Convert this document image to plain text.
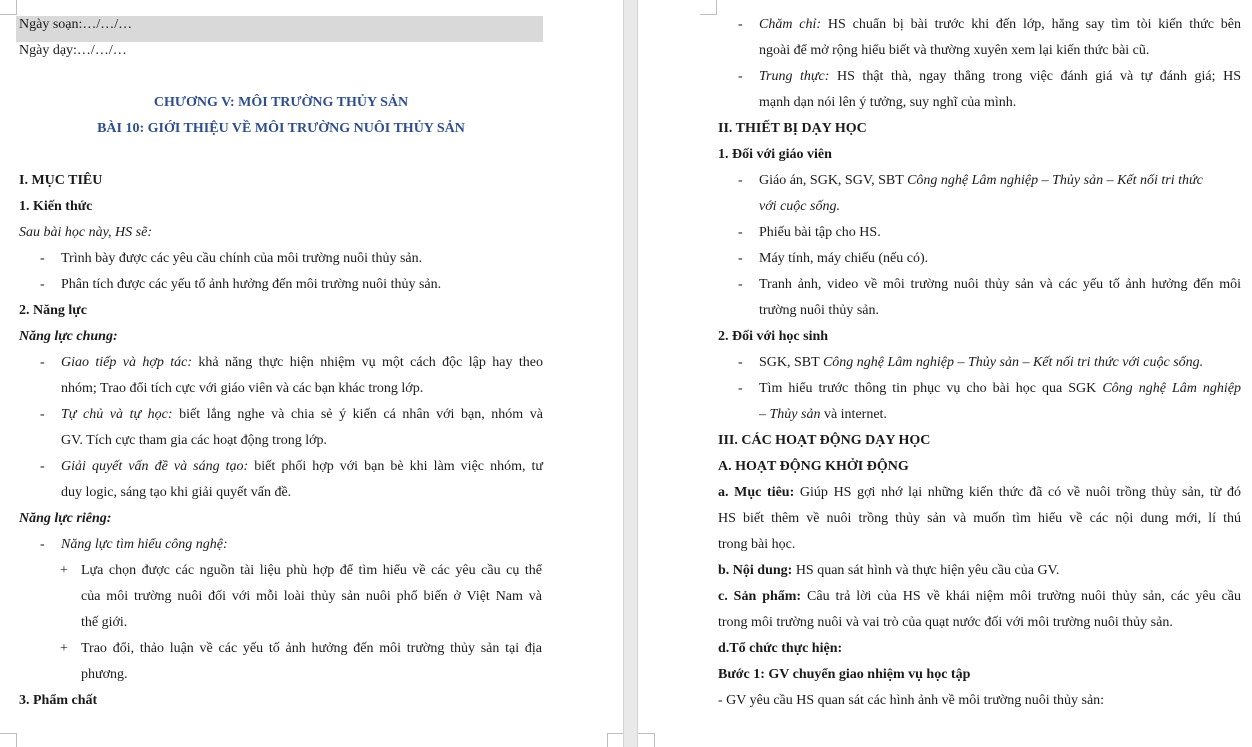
Ngày soạn:…/…/…
Ngày dạy:…/…/…
CHƯƠNG V: MÔI TRƯỜNG THỦY SẢN
BÀI 10: GIỚI THIỆU VỀ MÔI TRƯỜNG NUÔI THỦY SẢN
I. MỤC TIÊU
1. Kiến thức
Sau bài học này, HS sẽ:
- Trình bày được các yêu cầu chính của môi trường nuôi thủy sản.
- Phân tích được các yếu tố ảnh hưởng đến môi trường nuôi thủy sản.
2. Năng lực
Năng lực chung:
- Giao tiếp và hợp tác: khả năng thực hiện nhiệm vụ một cách độc lập hay theo
nhóm; Trao đổi tích cực với giáo viên và các bạn khác trong lớp.
- Tự chủ và tự học: biết lắng nghe và chia sẻ ý kiến cá nhân với bạn, nhóm và
GV. Tích cực tham gia các hoạt động trong lớp.
- Giải quyết vấn đề và sáng tạo: biết phối hợp với bạn bè khi làm việc nhóm, tư
duy logic, sáng tạo khi giải quyết vấn đề.
Năng lực riêng:
- Năng lực tìm hiểu công nghệ:
+ Lựa chọn được các nguồn tài liệu phù hợp để tìm hiểu về các yêu cầu cụ thể
của môi trường nuôi đối với mỗi loài thủy sản nuôi phổ biến ở Việt Nam và
thế giới.
+ Trao đổi, thảo luận về các yếu tố ảnh hưởng đến môi trường thủy sản tại địa
phương.
3. Phẩm chất
- Chăm chỉ: HS chuẩn bị bài trước khi đến lớp, hăng say tìm tòi kiến thức bên
ngoài để mở rộng hiểu biết và thường xuyên xem lại kiến thức bài cũ.
- Trung thực: HS thật thà, ngay thẳng trong việc đánh giá và tự đánh giá; HS
mạnh dạn nói lên ý tưởng, suy nghĩ của mình.
II. THIẾT BỊ DẠY HỌC
1. Đối với giáo viên
- Giáo án, SGK, SGV, SBT Công nghệ Lâm nghiệp – Thủy sản – Kết nối tri thức
với cuộc sống.
- Phiếu bài tập cho HS.
- Máy tính, máy chiếu (nếu có).
- Tranh ảnh, video về môi trường nuôi thủy sản và các yếu tố ảnh hưởng đến môi
trường nuôi thủy sản.
2. Đối với học sinh
- SGK, SBT Công nghệ Lâm nghiệp – Thủy sản – Kết nối tri thức với cuộc sống.
- Tìm hiểu trước thông tin phục vụ cho bài học qua SGK Công nghệ Lâm nghiệp
– Thủy sản và internet.
III. CÁC HOẠT ĐỘNG DẠY HỌC
A. HOẠT ĐỘNG KHỞI ĐỘNG
a. Mục tiêu: Giúp HS gợi nhớ lại những kiến thức đã có về nuôi trồng thủy sản, từ đó
HS biết thêm về nuôi trồng thủy sản và muốn tìm hiểu về các nội dung mới, lí thú
trong bài học.
b. Nội dung: HS quan sát hình và thực hiện yêu cầu của GV.
c. Sản phẩm: Câu trả lời của HS về khái niệm môi trường nuôi thủy sản, các yêu cầu
trong môi trường nuôi và vai trò của quạt nước đối với môi trường nuôi thủy sản.
d.Tổ chức thực hiện:
Bước 1: GV chuyển giao nhiệm vụ học tập
- GV yêu cầu HS quan sát các hình ảnh về môi trường nuôi thủy sản:
